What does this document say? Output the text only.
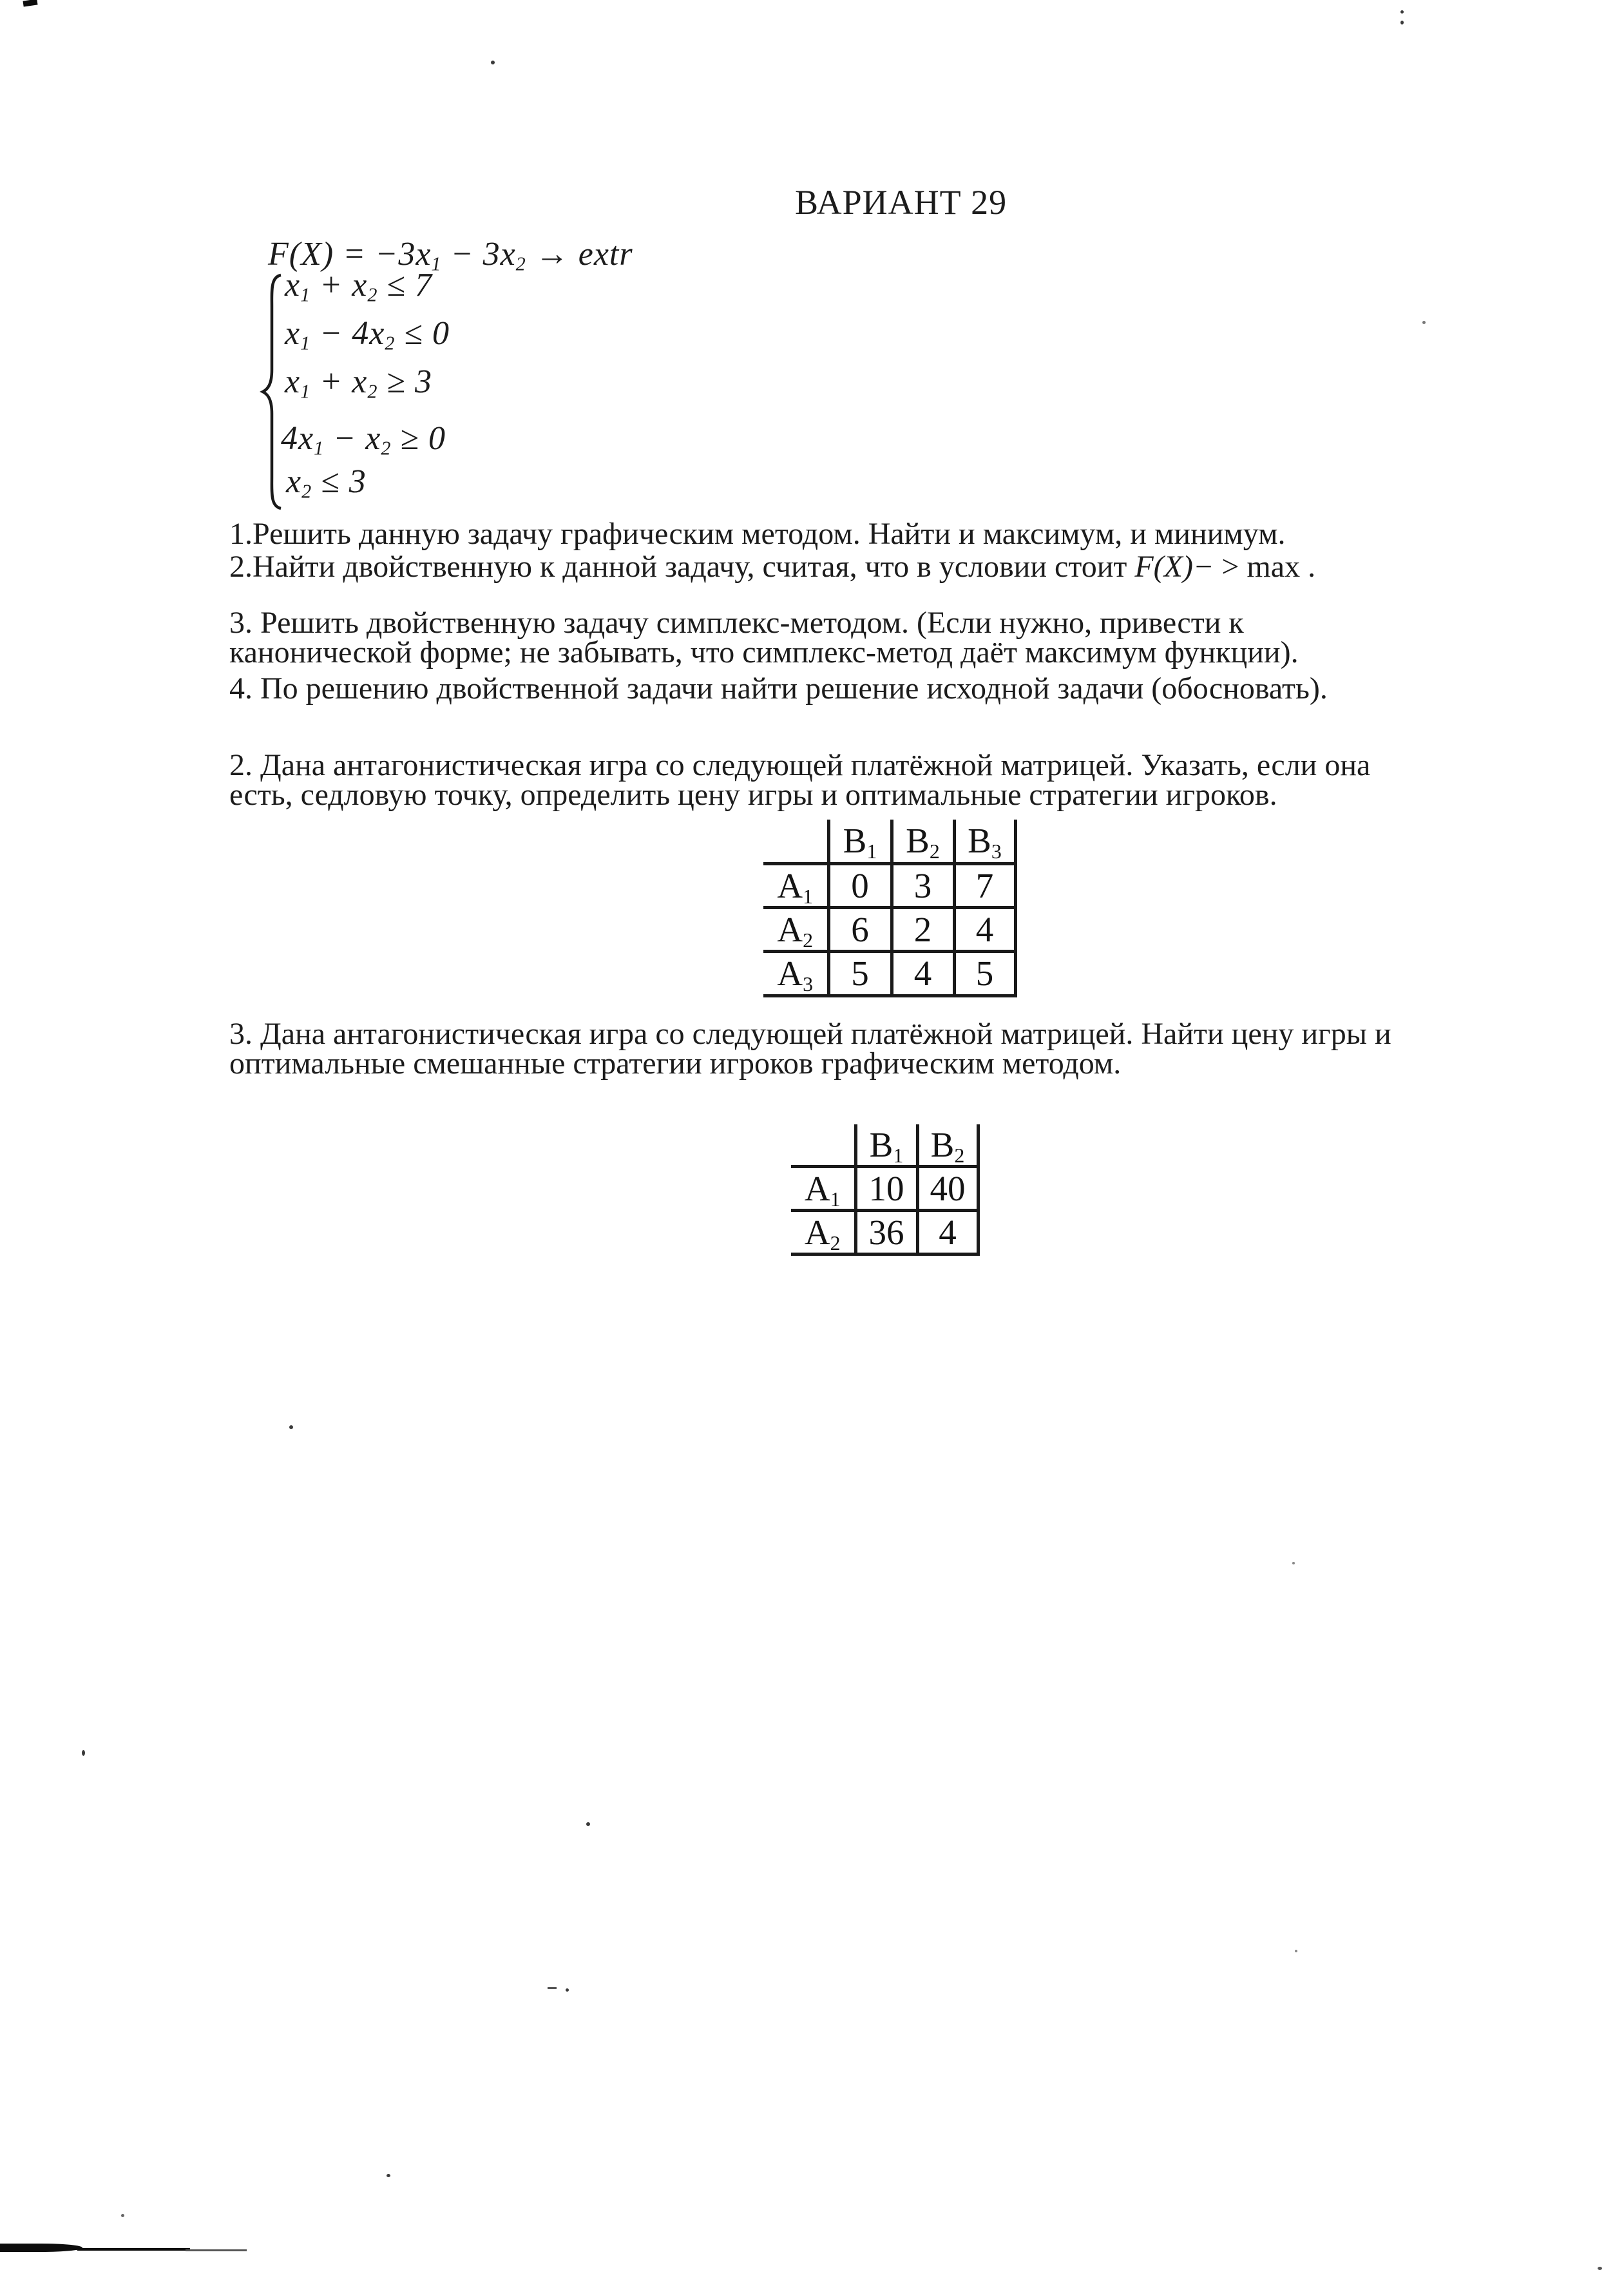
ВАРИАНТ 29
$F(X) = -3x_1 - 3x_2$ → extr
$x_1 + x_2 \le 7$
$x_1 - 4x_2 \le 0$
$x_1 + x_2 \ge 3$
$4x_1 - x_2 \ge 0$
$x_2 \le 3$
1.Решить данную задачу графическим методом. Найти и максимум, и минимум.
2.Найти двойственную к данной задачу, считая, что в условии стоит F(X)− > max .
3. Решить двойственную задачу симплекс-методом. (Если нужно, привести к
канонической форме; не забывать, что симплекс-метод даёт максимум функции).
4. По решению двойственной задачи найти решение исходной задачи (обосновать).
2. Дана антагонистическая игра со следующей платёжной матрицей. Указать, если она
есть, седловую точку, определить цену игры и оптимальные стратегии игроков.
	$B_1$	$B_2$	$B_3$
$A_1$	0	3	7
$A_2$	6	2	4
$A_3$	5	4	5
3. Дана антагонистическая игра со следующей платёжной матрицей. Найти цену игры и
оптимальные смешанные стратегии игроков графическим методом.
	$B_1$	$B_2$
$A_1$	10	40
$A_2$	36	4
